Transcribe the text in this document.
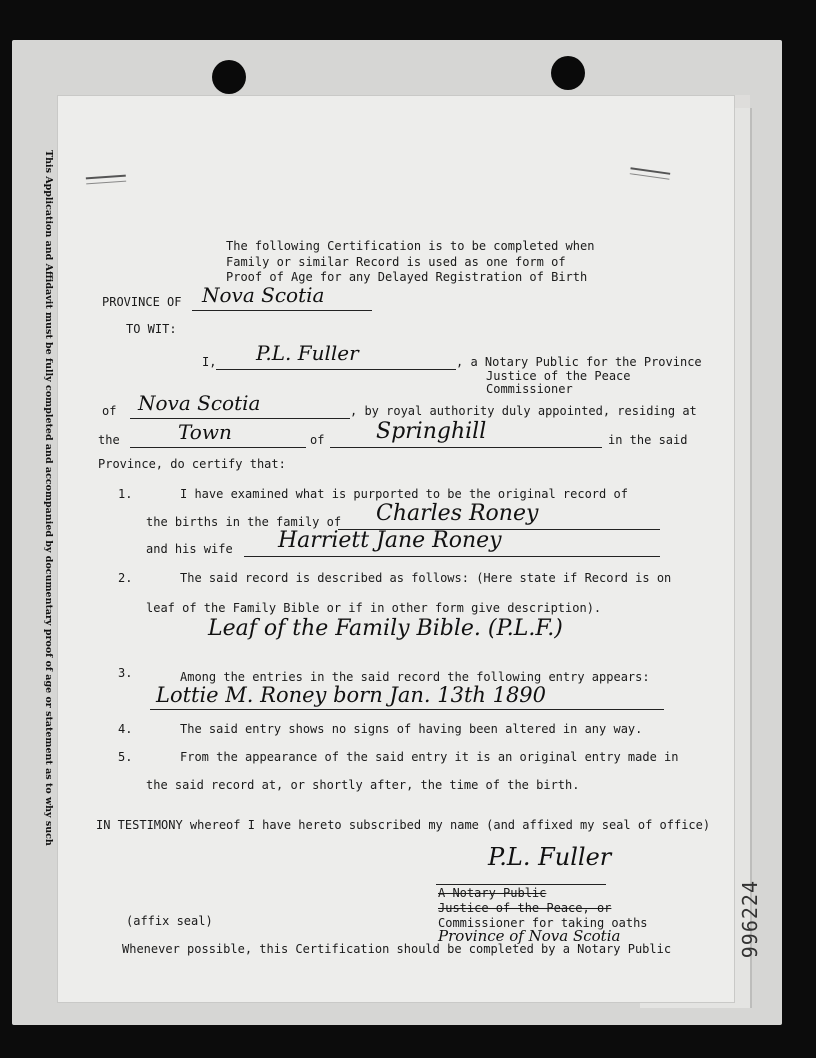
This Application and Affidavit must be fully completed and accompanied by documentary proof of age or statement as to why such
996224
The following Certification is to be completed when
Family or similar Record is used as one form of
Proof of Age for any Delayed Registration of Birth
PROVINCE OF Nova Scotia
TO WIT:
I, P.L. Fuller	, a Notary Public for the Province
Justice of the Peace
Commissioner
of Nova Scotia	, by royal authority duly appointed, residing at
the	Town	of Springhill	in the said
Province, do certify that:
1.	I have examined what is purported to be the original record of
the births in the family of Charles Roney
and his wife Harriett Jane Roney
2.	The said record is described as follows: (Here state if Record is on
leaf of the Family Bible or if in other form give description).
Leaf of the Family Bible. (P.L.F.)
3.	Among the entries in the said record the following entry appears:
Lottie M. Roney born Jan. 13th 1890
4.	The said entry shows no signs of having been altered in any way.
5.	From the appearance of the said entry it is an original entry made in
the said record at, or shortly after, the time of the birth.
IN TESTIMONY whereof I have hereto subscribed my name (and affixed my seal of office)
P.L. Fuller
A Notary Public
Justice of the Peace, or
Commissioner for taking oaths
Province of Nova Scotia
(affix seal)
Whenever possible, this Certification should be completed by a Notary Public
